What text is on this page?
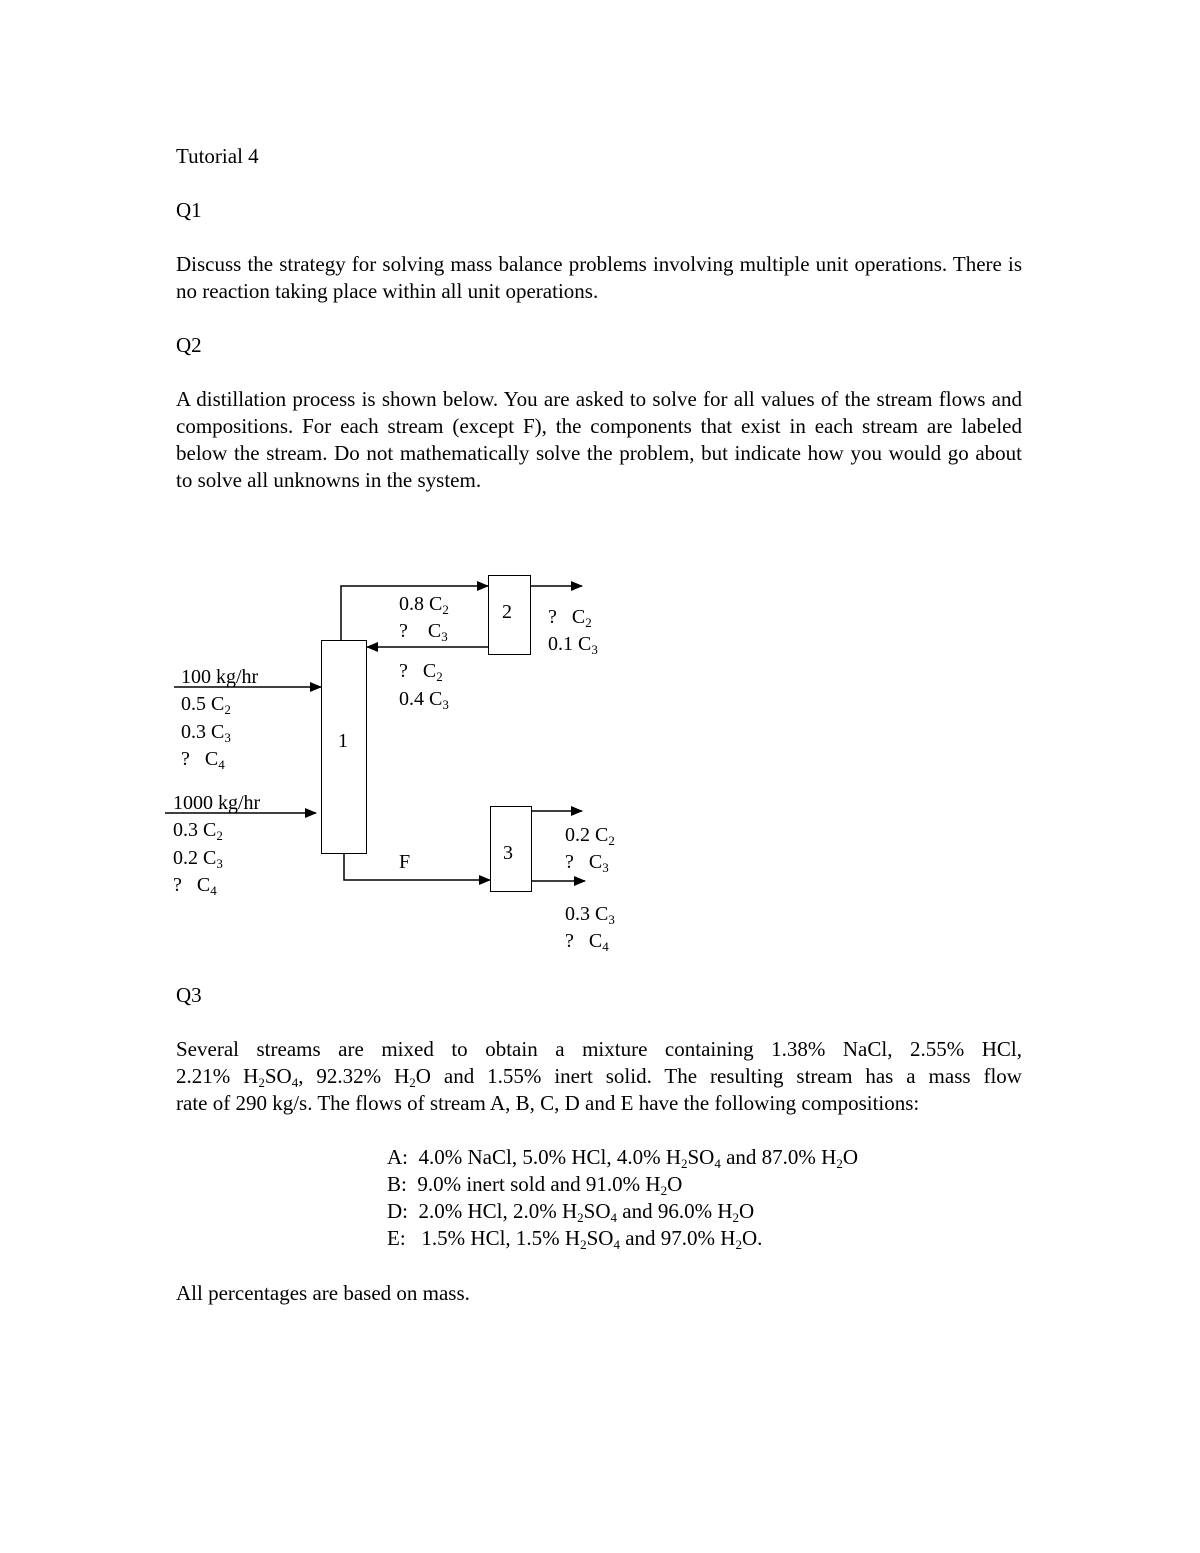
Tutorial 4

Q1

Discuss the strategy for solving mass balance problems involving multiple unit operations. There is no reaction taking place within all unit operations.

Q2

A distillation process is shown below. You are asked to solve for all values of the stream flows and compositions. For each stream (except F), the components that exist in each stream are labeled below the stream. Do not mathematically solve the problem, but indicate how you would go about to solve all unknowns in the system.

1
2
3
100 kg/hr
0.5 $C_2$
0.3 $C_3$
? $C_4$
1000 kg/hr
0.3 $C_2$
0.2 $C_3$
? $C_4$
0.8 $C_2$
? $C_3$
? $C_2$
0.4 $C_3$
? $C_2$
0.1 $C_3$
F
0.2 $C_2$
? $C_3$
0.3 $C_3$
? $C_4$

Q3

Several streams are mixed to obtain a mixture containing 1.38% NaCl, 2.55% HCl,

2.21% $H_2SO_4$, 92.32% $H_2O$ and 1.55% inert solid. The resulting stream has a mass flow

rate of 290 kg/s. The flows of stream A, B, C, D and E have the following compositions:

A: 4.0% NaCl, 5.0% HCl, 4.0% $H_2SO_4$ and 87.0% $H_2O$
B: 9.0% inert sold and 91.0% $H_2O$
D: 2.0% HCl, 2.0% $H_2SO_4$ and 96.0% $H_2O$
E: 1.5% HCl, 1.5% $H_2SO_4$ and 97.0% $H_2O$.

All percentages are based on mass.
